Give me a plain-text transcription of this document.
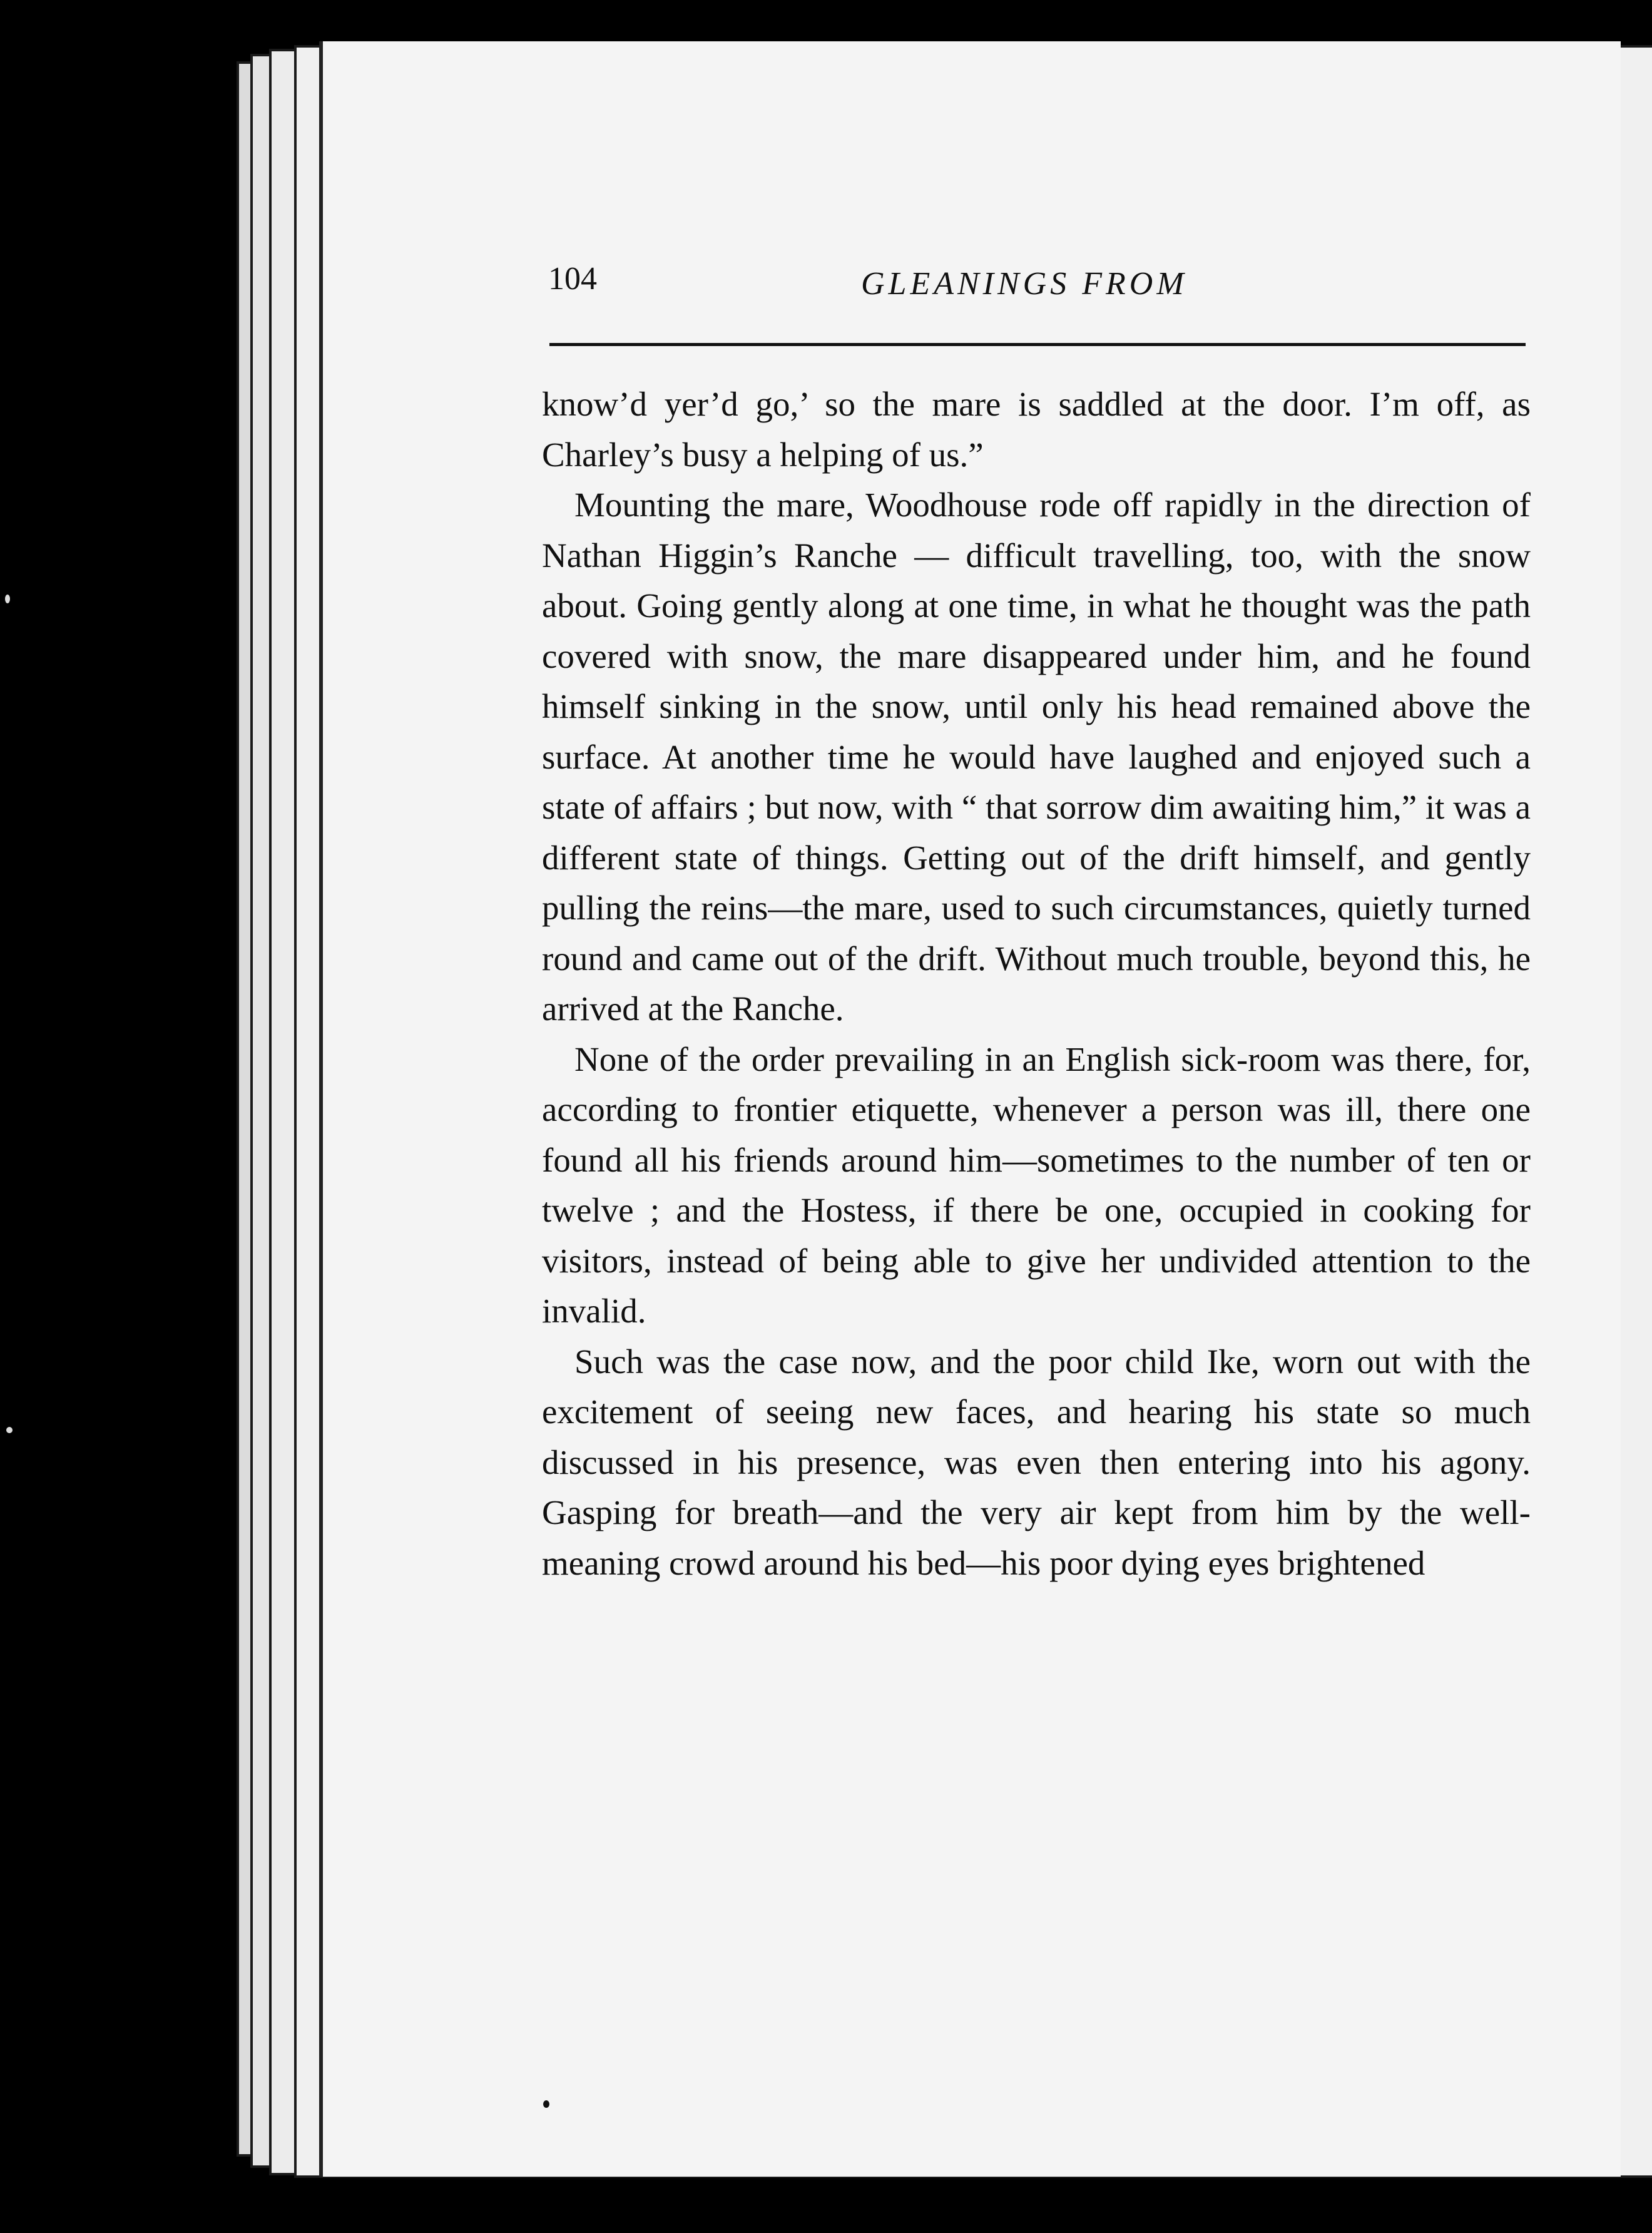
104	GLEANINGS FROM

know’d yer’d go,’ so the mare is saddled at the door. I’m off, as Charley’s busy a helping of us.”

Mounting the mare, Woodhouse rode off rapidly in the direction of Nathan Higgin’s Ranche — difficult travelling, too, with the snow about. Going gently along at one time, in what he thought was the path covered with snow, the mare disappeared under him, and he found himself sinking in the snow, until only his head remained above the surface. At another time he would have laughed and enjoyed such a state of affairs ; but now, with “ that sorrow dim awaiting him,” it was a different state of things. Getting out of the drift himself, and gently pulling the reins—the mare, used to such circumstances, quietly turned round and came out of the drift. Without much trouble, beyond this, he arrived at the Ranche.

None of the order prevailing in an English sick-room was there, for, according to frontier etiquette, whenever a person was ill, there one found all his friends around him—sometimes to the number of ten or twelve ; and the Hostess, if there be one, occupied in cooking for visitors, instead of being able to give her undivided attention to the invalid.

Such was the case now, and the poor child Ike, worn out with the excitement of seeing new faces, and hearing his state so much discussed in his presence, was even then entering into his agony. Gasping for breath—and the very air kept from him by the well-meaning crowd around his bed—his poor dying eyes brightened
